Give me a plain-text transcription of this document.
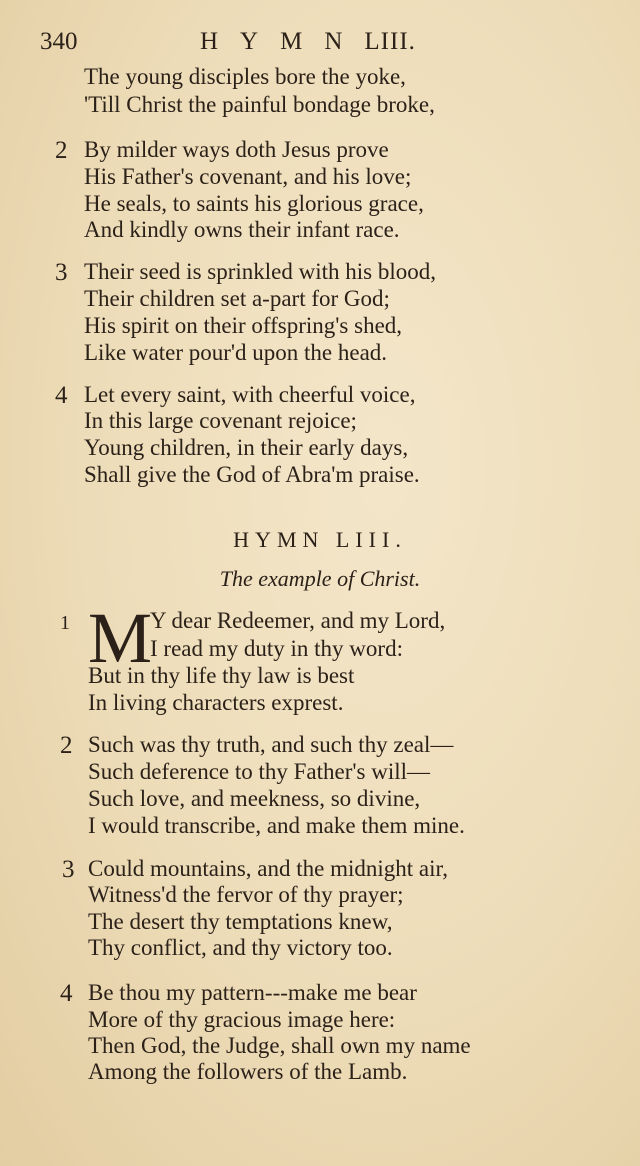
340	HYMNLIII.
The young disciples bore the yoke,
'Till Christ the painful bondage broke,
2 By milder ways doth Jesus prove
His Father's covenant, and his love;
He seals, to saints his glorious grace,
And kindly owns their infant race.
3 Their seed is sprinkled with his blood,
Their children set a-part for God;
His spirit on their offspring's shed,
Like water pour'd upon the head.
4 Let every saint, with cheerful voice,
In this large covenant rejoice;
Young children, in their early days,
Shall give the God of Abra'm praise.
HYMN LIII.
The example of Christ.
1 M
Y dear Redeemer, and my Lord,
I read my duty in thy word:
But in thy life thy law is best
In living characters exprest.
2 Such was thy truth, and such thy zeal—
Such deference to thy Father's will—
Such love, and meekness, so divine,
I would transcribe, and make them mine.
3 Could mountains, and the midnight air,
Witness'd the fervor of thy prayer;
The desert thy temptations knew,
Thy conflict, and thy victory too.
4 Be thou my pattern---make me bear
More of thy gracious image here:
Then God, the Judge, shall own my name
Among the followers of the Lamb.
